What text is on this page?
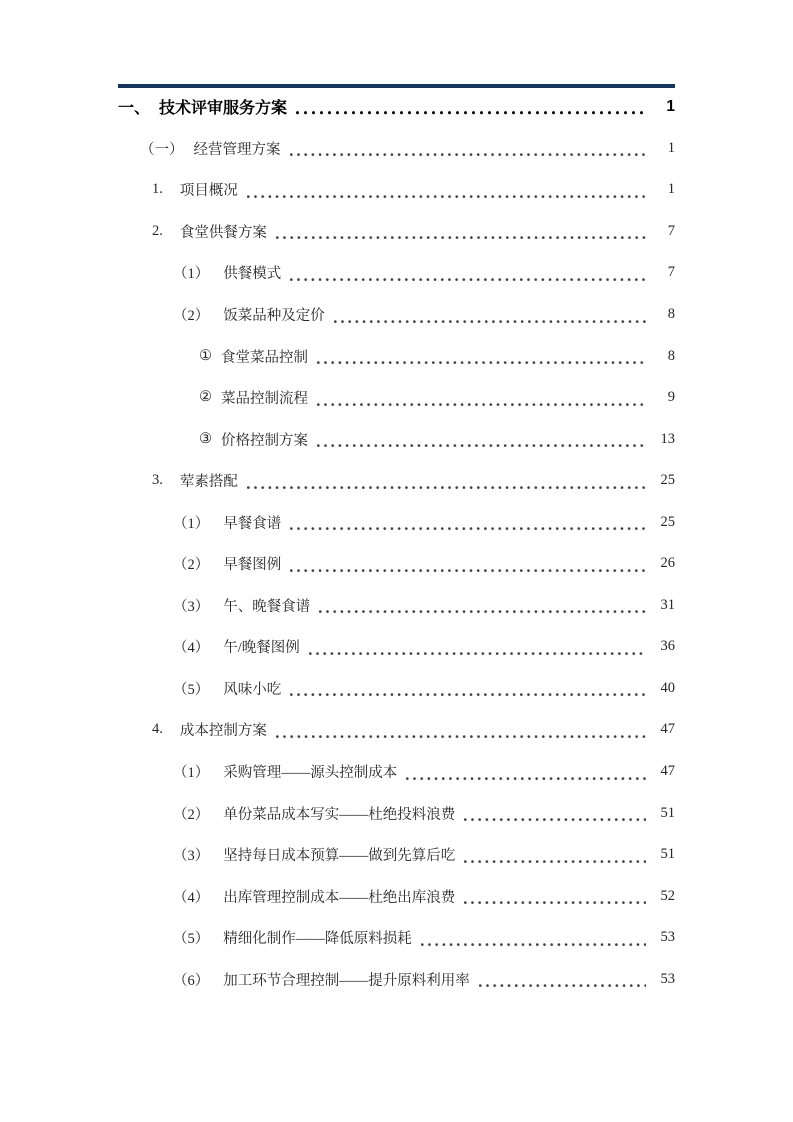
一、 技术评审服务方案	1
（一） 经营管理方案	1
1. 项目概况	1
2. 食堂供餐方案	7
（1） 供餐模式	7
（2） 饭菜品种及定价	8
① 食堂菜品控制	8
② 菜品控制流程	9
③ 价格控制方案	13
3. 荤素搭配	25
（1） 早餐食谱	25
（2） 早餐图例	26
（3） 午、晚餐食谱	31
（4） 午/晚餐图例	36
（5） 风味小吃	40
4. 成本控制方案	47
（1） 采购管理——源头控制成本	47
（2） 单份菜品成本写实——杜绝投料浪费	51
（3） 坚持每日成本预算——做到先算后吃	51
（4） 出库管理控制成本——杜绝出库浪费	52
（5） 精细化制作——降低原料损耗	53
（6） 加工环节合理控制——提升原料利用率	53
